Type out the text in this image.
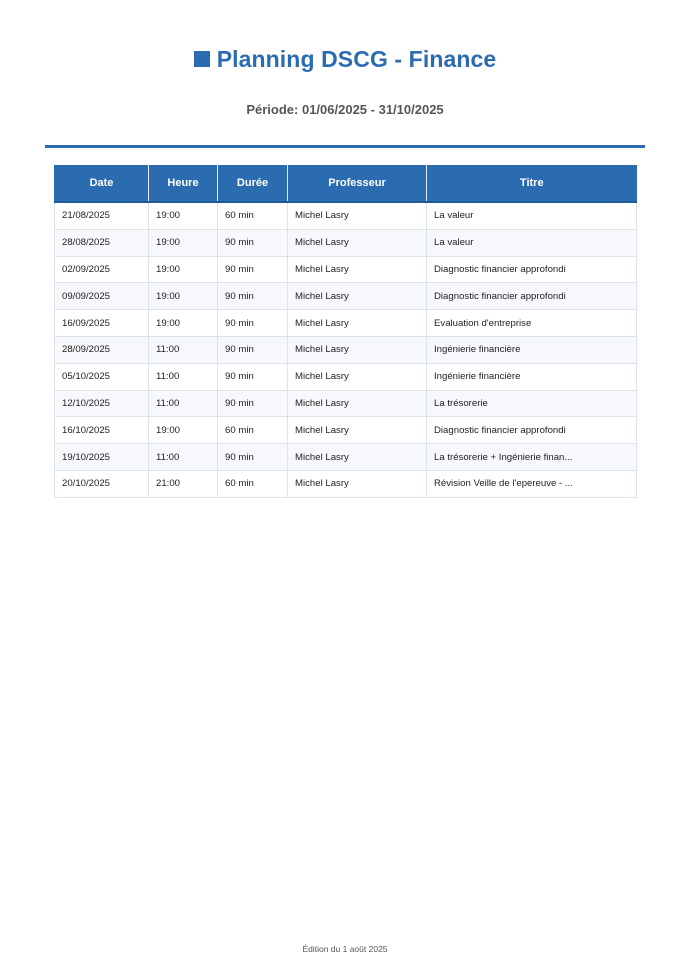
Planning DSCG - Finance
Période: 01/06/2025 - 31/10/2025
Date	Heure	Durée	Professeur	Titre
21/08/2025	19:00	60 min	Michel Lasry	La valeur
28/08/2025	19:00	90 min	Michel Lasry	La valeur
02/09/2025	19:00	90 min	Michel Lasry	Diagnostic financier approfondi
09/09/2025	19:00	90 min	Michel Lasry	Diagnostic financier approfondi
16/09/2025	19:00	90 min	Michel Lasry	Evaluation d'entreprise
28/09/2025	11:00	90 min	Michel Lasry	Ingénierie financière
05/10/2025	11:00	90 min	Michel Lasry	Ingénierie financière
12/10/2025	11:00	90 min	Michel Lasry	La trésorerie
16/10/2025	19:00	60 min	Michel Lasry	Diagnostic financier approfondi
19/10/2025	11:00	90 min	Michel Lasry	La trésorerie + Ingénierie finan...
20/10/2025	21:00	60 min	Michel Lasry	Révision Veille de l'epereuve - ...
Édition du 1 août 2025
